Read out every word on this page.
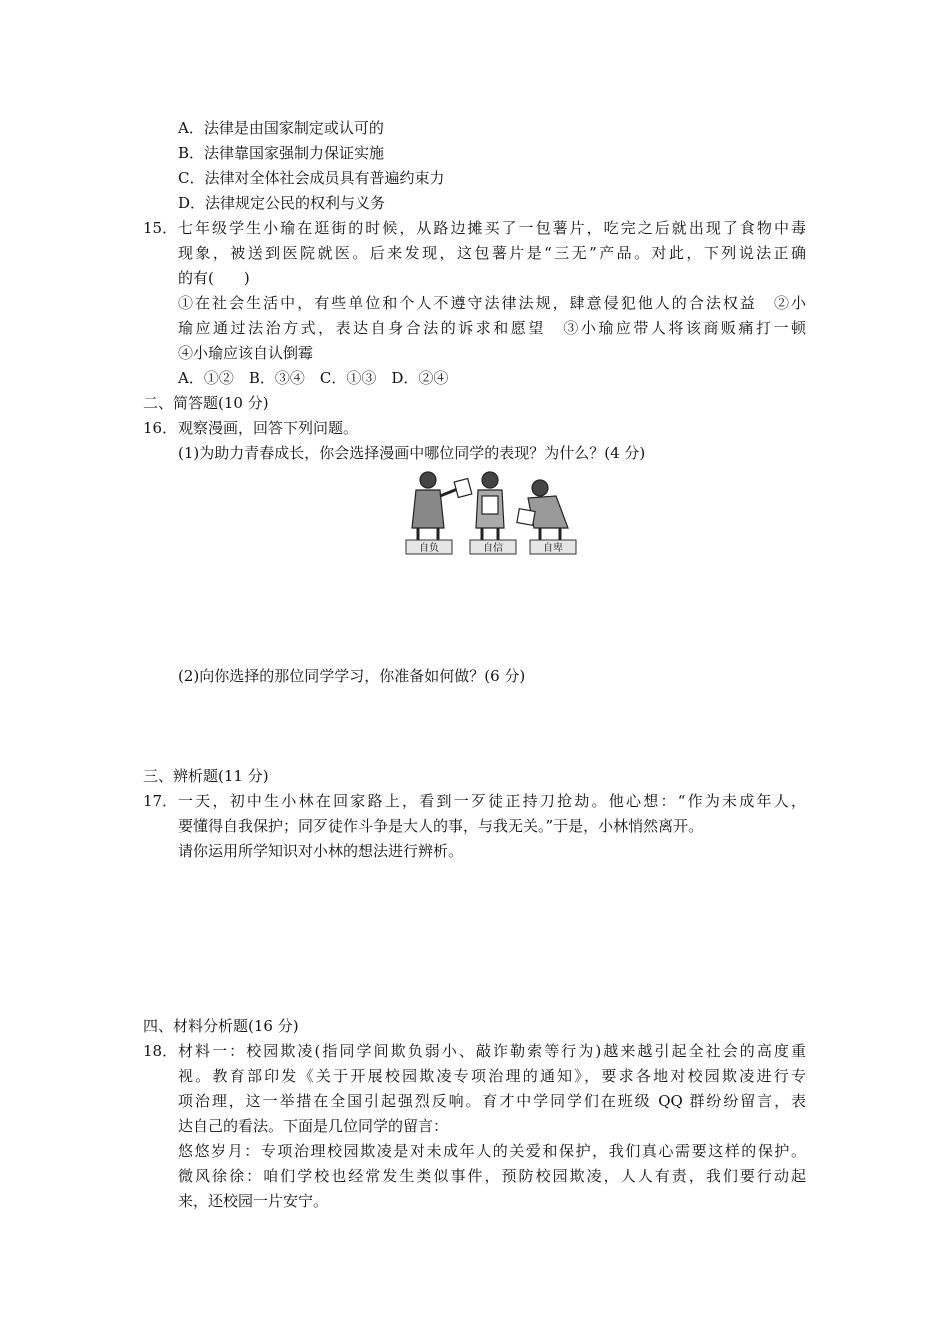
A．法律是由国家制定或认可的
B．法律靠国家强制力保证实施
C．法律对全体社会成员具有普遍约束力
D．法律规定公民的权利与义务
15． 七年级学生小瑜在逛街的时候，从路边摊买了一包薯片，吃完之后就出现了食物中毒
现象，被送到医院就医。后来发现，这包薯片是“三无”产品。对此，下列说法正确
的有(　　)
①在社会生活中，有些单位和个人不遵守法律法规，肆意侵犯他人的合法权益　②小
瑜应通过法治方式，表达自身合法的诉求和愿望　③小瑜应带人将该商贩痛打一顿
④小瑜应该自认倒霉
A．①②　B．③④　C．①③　D．②④
二、简答题(10 分)
16． 观察漫画，回答下列问题。
(1)为助力青春成长，你会选择漫画中哪位同学的表现？为什么？(4 分)
自负	自信	自卑
(2)向你选择的那位同学学习，你准备如何做？(6 分)
三、辨析题(11 分)
17． 一天，初中生小林在回家路上，看到一歹徒正持刀抢劫。他心想：“作为未成年人，
要懂得自我保护；同歹徒作斗争是大人的事，与我无关。”于是，小林悄然离开。
请你运用所学知识对小林的想法进行辨析。
四、材料分析题(16 分)
18． 材料一：校园欺凌(指同学间欺负弱小、敲诈勒索等行为)越来越引起全社会的高度重
视。教育部印发《关于开展校园欺凌专项治理的通知》，要求各地对校园欺凌进行专
项治理，这一举措在全国引起强烈反响。育才中学同学们在班级 QQ 群纷纷留言，表
达自己的看法。下面是几位同学的留言：
悠悠岁月：专项治理校园欺凌是对未成年人的关爱和保护，我们真心需要这样的保护。
微风徐徐：咱们学校也经常发生类似事件，预防校园欺凌，人人有责，我们要行动起
来，还校园一片安宁。
